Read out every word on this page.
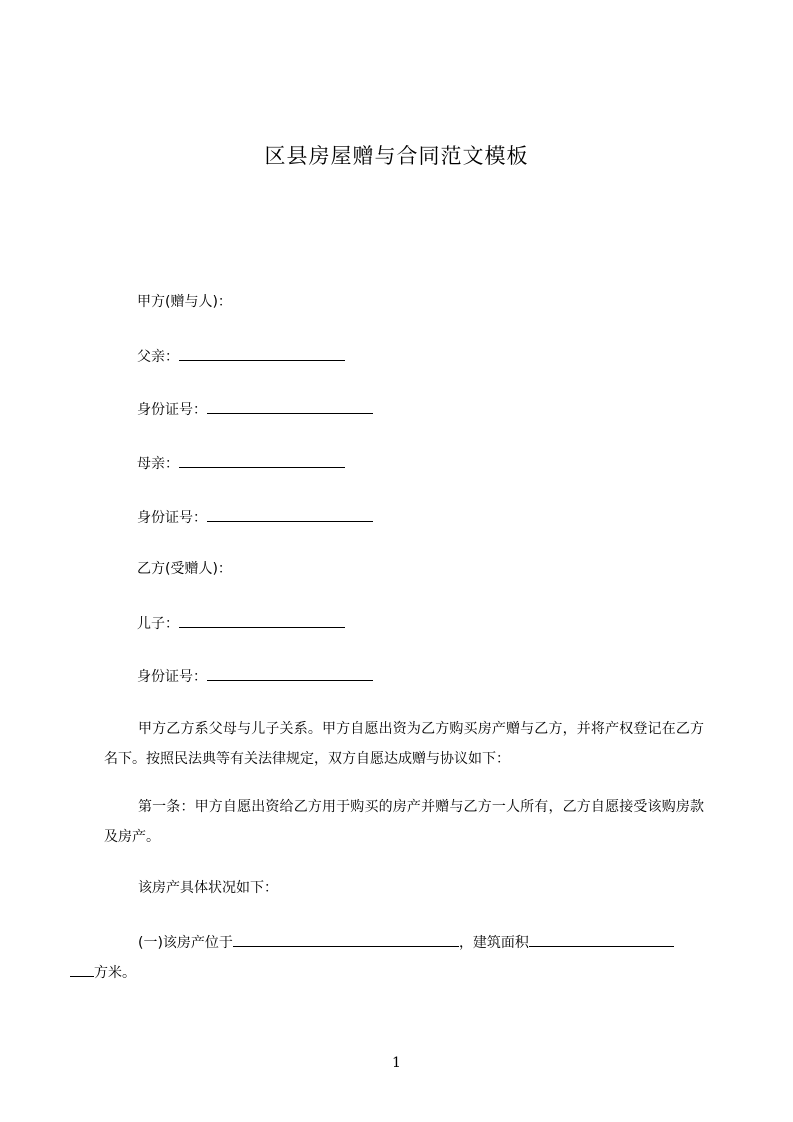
区县房屋赠与合同范文模板
甲方(赠与人)：
父亲：
身份证号：
母亲：
身份证号：
乙方(受赠人)：
儿子：
身份证号：
甲方乙方系父母与儿子关系。甲方自愿出资为乙方购买房产赠与乙方，并将产权登记在乙方名下。按照民法典等有关法律规定，双方自愿达成赠与协议如下：
第一条：甲方自愿出资给乙方用于购买的房产并赠与乙方一人所有，乙方自愿接受该购房款及房产。
该房产具体状况如下：
(一)该房产位于	，建筑面积
方米。
1
